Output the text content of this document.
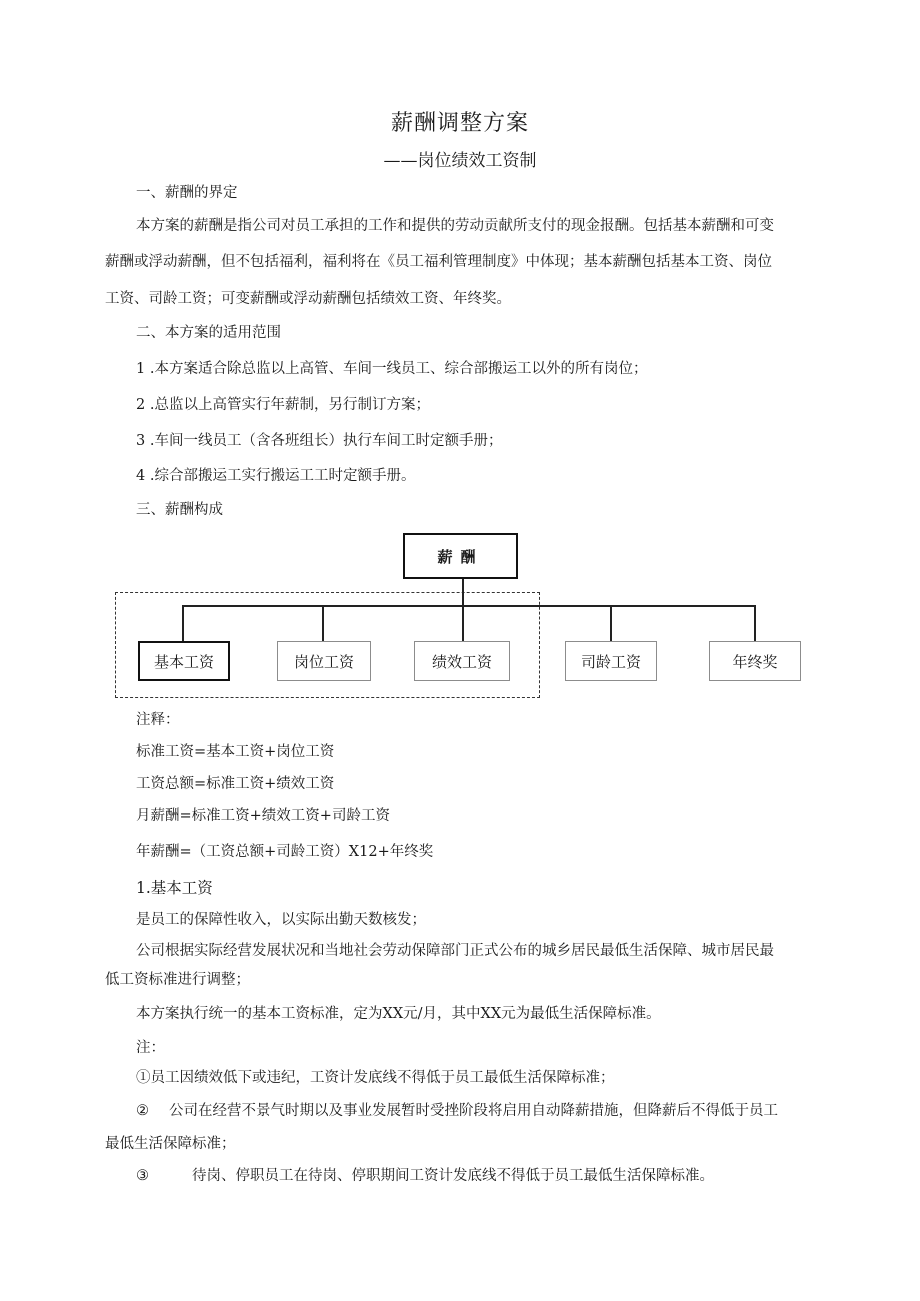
薪酬调整方案
——岗位绩效工资制
一、薪酬的界定
本方案的薪酬是指公司对员工承担的工作和提供的劳动贡献所支付的现金报酬。包括基本薪酬和可变
薪酬或浮动薪酬，但不包括福利，福利将在《员工福利管理制度》中体现；基本薪酬包括基本工资、岗位
工资、司龄工资；可变薪酬或浮动薪酬包括绩效工资、年终奖。
二、本方案的适用范围
1 .本方案适合除总监以上高管、车间一线员工、综合部搬运工以外的所有岗位；
2 .总监以上高管实行年薪制，另行制订方案；
3 .车间一线员工（含各班组长）执行车间工时定额手册；
4 .综合部搬运工实行搬运工工时定额手册。
三、薪酬构成
薪酬
基本工资	岗位工资	绩效工资	司龄工资	年终奖
注释：
标准工资=基本工资+岗位工资
工资总额=标准工资+绩效工资
月薪酬=标准工资+绩效工资+司龄工资
年薪酬=（工资总额+司龄工资）X12+年终奖
1.基本工资
是员工的保障性收入，以实际出勤天数核发；
公司根据实际经营发展状况和当地社会劳动保障部门正式公布的城乡居民最低生活保障、城市居民最
低工资标准进行调整；
本方案执行统一的基本工资标准，定为XX元/月，其中XX元为最低生活保障标准。
注：
①员工因绩效低下或违纪，工资计发底线不得低于员工最低生活保障标准；
② 公司在经营不景气时期以及事业发展暂时受挫阶段将启用自动降薪措施，但降薪后不得低于员工
最低生活保障标准；
③	待岗、停职员工在待岗、停职期间工资计发底线不得低于员工最低生活保障标准。
